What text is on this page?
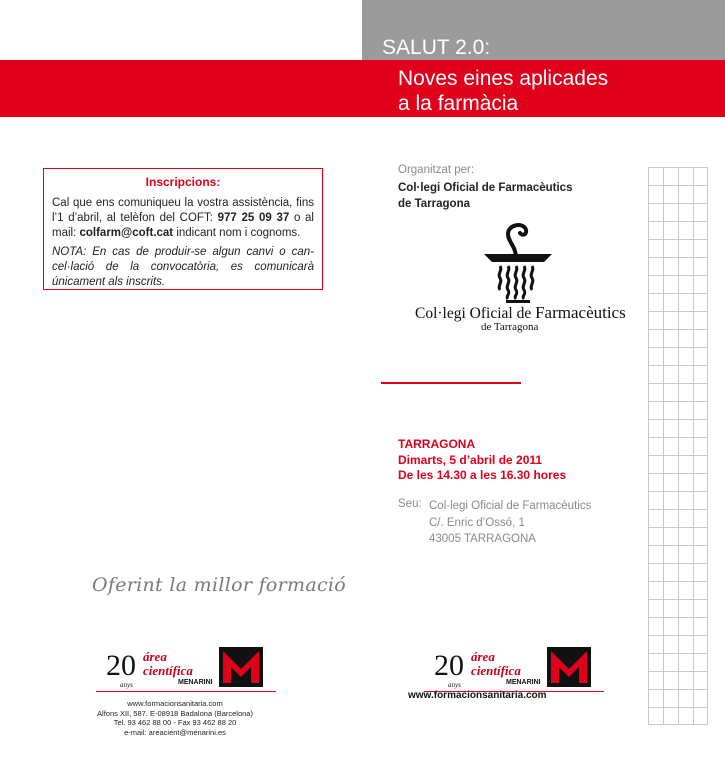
SALUT 2.0:
Noves eines aplicades
a la farmàcia
Inscripcions:

Cal que ens comuniqueu la vostra assistència, fins l’1 d’abril, al telèfon del COFT: 977 25 09 37 o al mail: colfarm@coft.cat indicant nom i cognoms.

NOTA: En cas de produir-se algun canvi o can-cel·lació de la convocatòria, es comunicarà únicament als inscrits.

Organitzat per:
Col·legi Oficial de Farmacèutics
de Tarragona
Col·legi Oficial de Farmacèutics
de Tarragona
TARRAGONA
Dimarts, 5 d’abril de 2011
De les 14.30 a les 16.30 hores
Seu: Col·legi Oficial de Farmacèutics
C/. Enric d’Ossó, 1
43005 TARRAGONA
Oferint la millor formació
20
anys
área
científica
MENARINI
www.formacionsanitaria.com
Alfons XII, 587. E-08918 Badalona (Barcelona)
Tel. 93 462 88 00 - Fax 93 462 88 20
e-mail: areacient@menarini.es
20
anys
área
científica
MENARINI
www.formacionsanitaria.com
